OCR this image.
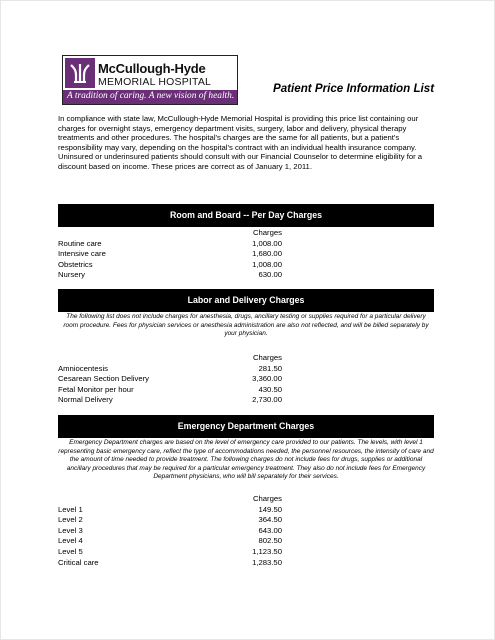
McCullough-Hyde
MEMORIAL HOSPITAL
A tradition of caring. A new vision of health.
Patient Price Information List

In compliance with state law, McCullough-Hyde Memorial Hospital is providing this price list containing our charges for overnight stays, emergency department visits, surgery, labor and delivery, physical therapy treatments and other procedures. The hospital's charges are the same for all patients, but a patient's responsibility may vary, depending on the hospital's contract with an individual health insurance company. Uninsured or underinsured patients should consult with our Financial Counselor to determine eligibility for a discount based on income. These prices are correct as of January 1, 2011.

Room and Board -- Per Day Charges
Charges
Routine care	1,008.00
Intensive care	1,680.00
Obstetrics	1,008.00
Nursery	630.00
Labor and Delivery Charges

The following list does not include charges for anesthesia, drugs, ancillary testing or supplies required for a particular delivery room procedure. Fees for physician services or anesthesia administration are also not reflected, and will be billed separately by your physician.

Charges
Amniocentesis	281.50
Cesarean Section Delivery	3,360.00
Fetal Monitor per hour	430.50
Normal Delivery	2,730.00
Emergency Department Charges

Emergency Department charges are based on the level of emergency care provided to our patients. The levels, with level 1 representing basic emergency care, reflect the type of accommodations needed, the personnel resources, the intensity of care and the amount of time needed to provide treatment. The following charges do not include fees for drugs, supplies or additional ancillary procedures that may be required for a particular emergency treatment. They also do not include fees for Emergency Department physicians, who will bill separately for their services.

Charges
Level 1	149.50
Level 2	364.50
Level 3	643.00
Level 4	802.50
Level 5	1,123.50
Critical care	1,283.50
